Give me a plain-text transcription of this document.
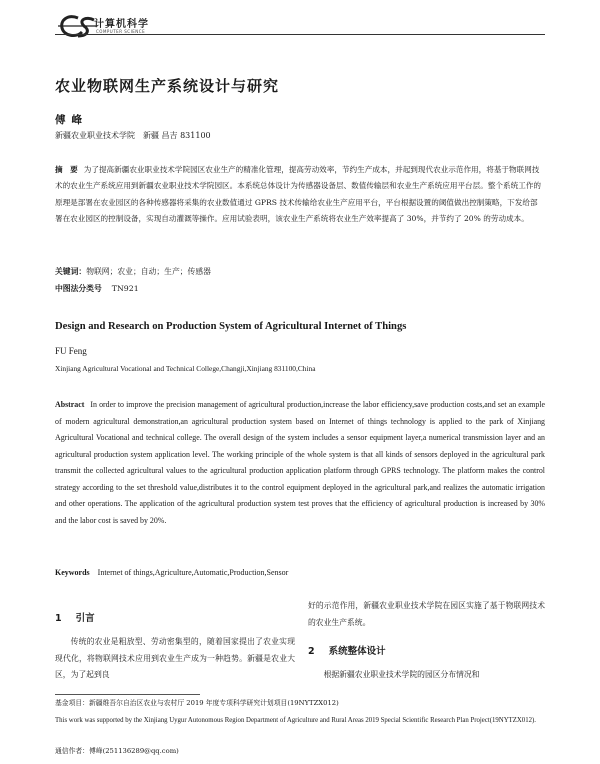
计算机科学
COMPUTER SCIENCE
农业物联网生产系统设计与研究
傅峰
新疆农业职业技术学院　新疆 昌吉 831100
摘　要 为了提高新疆农业职业技术学院园区农业生产的精准化管理，提高劳动效率，节约生产成本，并起到现代农业示范作用，将基于物联网技术的农业生产系统应用到新疆农业职业技术学院园区。本系统总体设计为传感器设备层、数值传输层和农业生产系统应用平台层。整个系统工作的原理是部署在农业园区的各种传感器将采集的农业数值通过 GPRS 技术传输给农业生产应用平台，平台根据设置的阈值做出控制策略，下发给部署在农业园区的控制设备，实现自动灌溉等操作。应用试验表明，该农业生产系统将农业生产效率提高了 30%，并节约了 20% 的劳动成本。
关键词：物联网；农业；自动；生产；传感器
中图法分类号 TN921
Design and Research on Production System of Agricultural Internet of Things
FU Feng
Xinjiang Agricultural Vocational and Technical College,Changji,Xinjiang 831100,China
Abstract In order to improve the precision management of agricultural production,increase the labor efficiency,save production costs,and set an example of modern agricultural demonstration,an agricultural production system based on Internet of things technology is applied to the park of Xinjiang Agricultural Vocational and technical college. The overall design of the system includes a sensor equipment layer,a numerical transmission layer and an agricultural production system application level. The working principle of the whole system is that all kinds of sensors deployed in the agricultural park transmit the collected agricultural values to the agricultural production application platform through GPRS technology. The platform makes the control strategy according to the set threshold value,distributes it to the control equipment deployed in the agricultural park,and realizes the automatic irrigation and other operations. The application of the agricultural production system test proves that the efficiency of agricultural production is increased by 30% and the labor cost is saved by 20%.
Keywords Internet of things,Agriculture,Automatic,Production,Sensor
1 引言

传统的农业是粗放型、劳动密集型的，随着国家提出了农业实现现代化，将物联网技术应用到农业生产成为一种趋势。新疆是农业大区，为了起到良

好的示范作用，新疆农业职业技术学院在园区实施了基于物联网技术的农业生产系统。

2 系统整体设计

根据新疆农业职业技术学院的园区分布情况和

基金项目：新疆维吾尔自治区农业与农村厅 2019 年度专项科学研究计划项目(19NYTZX012)
This work was supported by the Xinjiang Uygur Autonomous Region Department of Agriculture and Rural Areas 2019 Special Scientific Research Plan Project(19NYTZX012).
通信作者：傅峰(251136289@qq.com)
